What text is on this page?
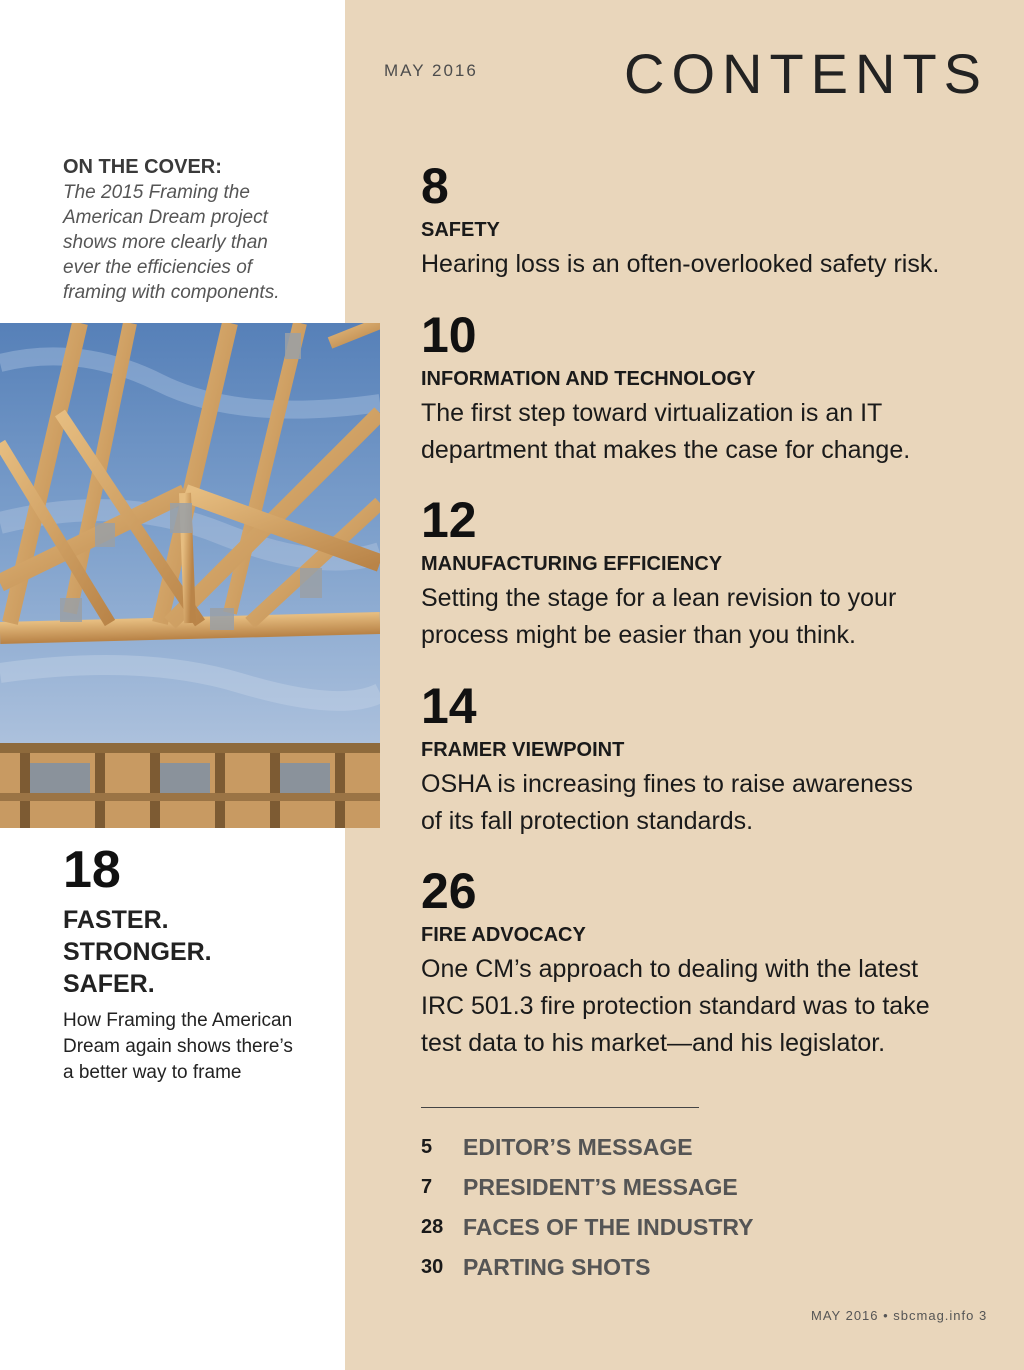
MAY 2016	CONTENTS
ON THE COVER:
The 2015 Framing the
American Dream project
shows more clearly than
ever the efficiencies of
framing with components.
18
FASTER.
STRONGER.
SAFER.
How Framing the American
Dream again shows there’s
a better way to frame
8
SAFETY
Hearing loss is an often-overlooked safety risk.
10
INFORMATION AND TECHNOLOGY
The first step toward virtualization is an IT
department that makes the case for change.
12
MANUFACTURING EFFICIENCY
Setting the stage for a lean revision to your
process might be easier than you think.
14
FRAMER VIEWPOINT
OSHA is increasing fines to raise awareness
of its fall protection standards.
26
FIRE ADVOCACY
One CM’s approach to dealing with the latest
IRC 501.3 fire protection standard was to take
test data to his market—and his legislator.
5 EDITOR’S MESSAGE
7 PRESIDENT’S MESSAGE
28 FACES OF THE INDUSTRY
30 PARTING SHOTS
MAY 2016 • sbcmag.info 3
